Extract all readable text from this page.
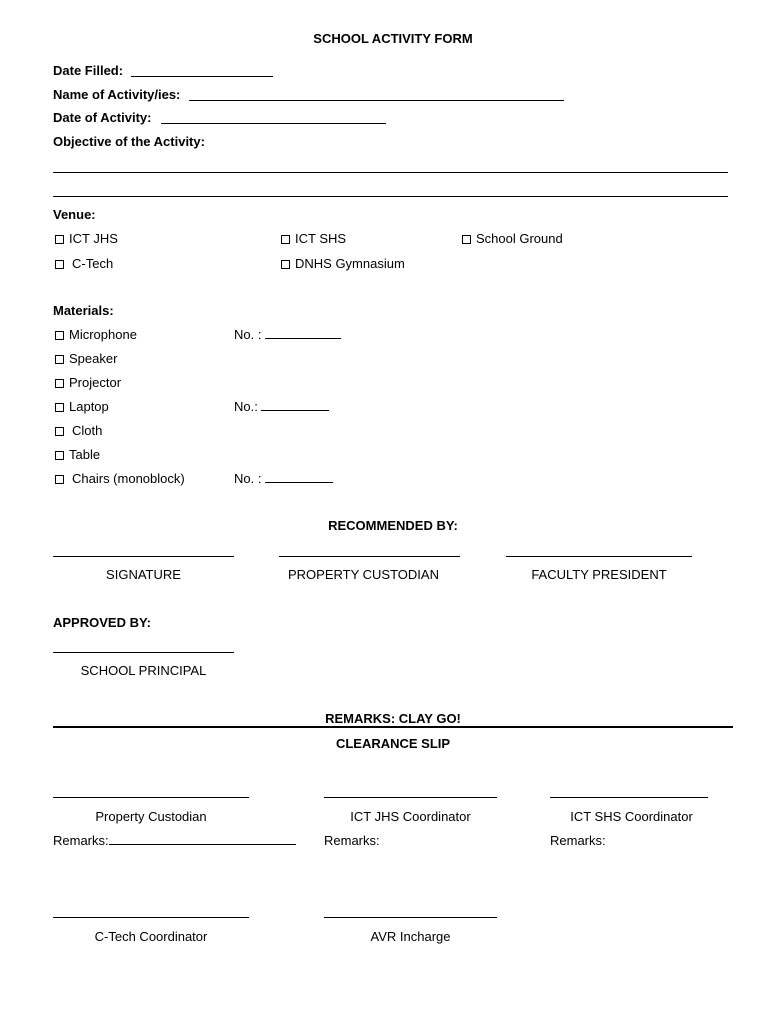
SCHOOL ACTIVITY FORM
Date Filled:
Name of Activity/ies:
Date of Activity:
Objective of the Activity:
Venue:
ICT JHS	ICT SHS	School Ground
C-Tech	DNHS Gymnasium
Materials:
Microphone	No. :
Speaker
Projector
Laptop	No.:
Cloth
Table
Chairs (monoblock)	No. :
RECOMMENDED BY:
SIGNATURE	PROPERTY CUSTODIAN	FACULTY PRESIDENT
APPROVED BY:
SCHOOL PRINCIPAL
REMARKS: CLAY GO!
CLEARANCE SLIP
Property Custodian	ICT JHS Coordinator	ICT SHS Coordinator
Remarks:	Remarks:	Remarks:
C-Tech Coordinator	AVR Incharge
